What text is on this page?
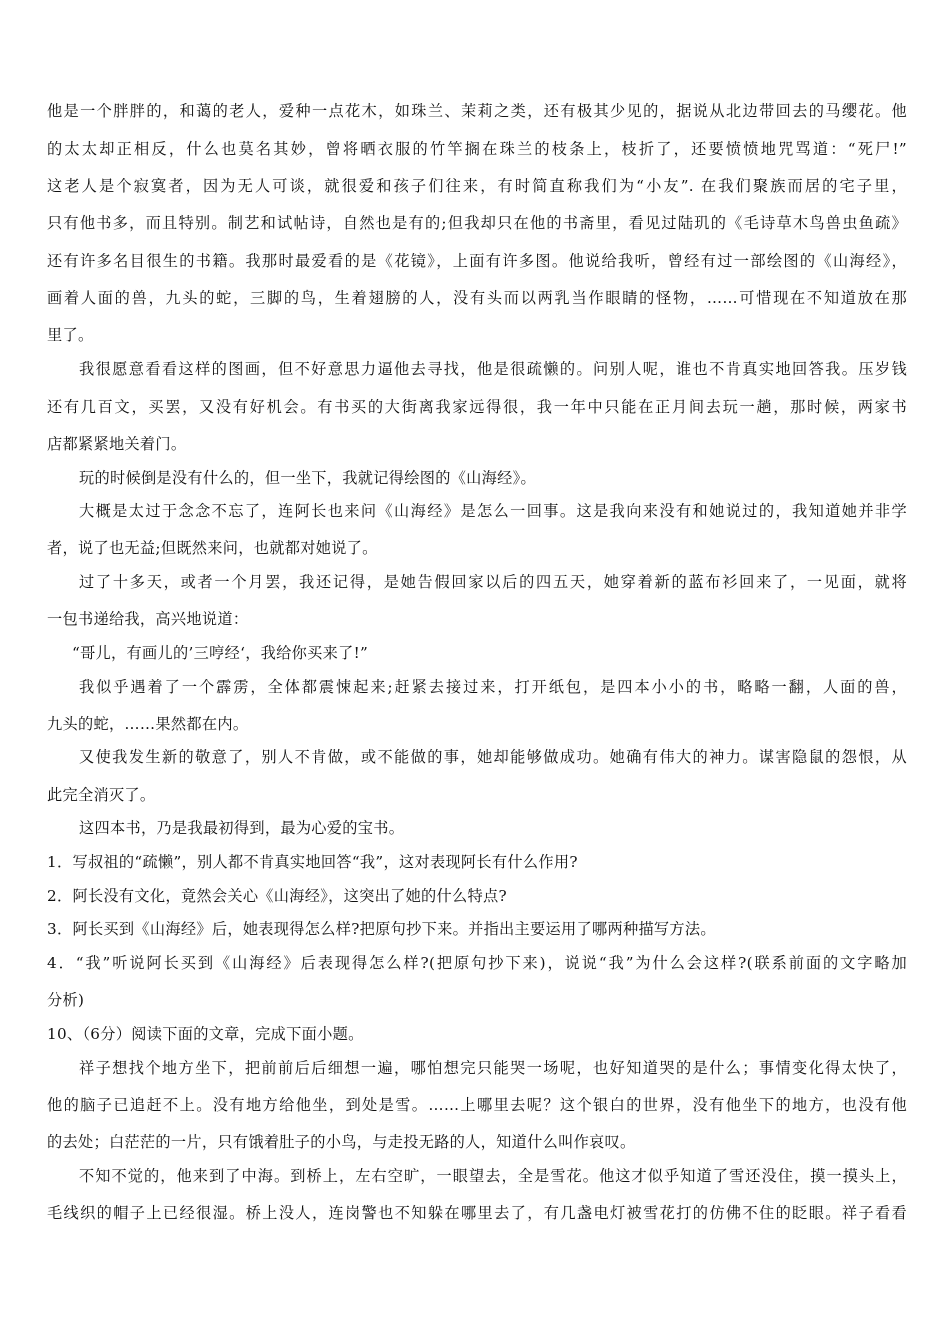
他是一个胖胖的，和蔼的老人，爱种一点花木，如珠兰、茉莉之类，还有极其少见的，据说从北边带回去的马缨花。他
的太太却正相反，什么也莫名其妙，曾将晒衣服的竹竿搁在珠兰的枝条上，枝折了，还要愤愤地咒骂道：“死尸!”
这老人是个寂寞者，因为无人可谈，就很爱和孩子们往来，有时简直称我们为“小友”. 在我们聚族而居的宅子里，
只有他书多，而且特别。制艺和试帖诗，自然也是有的;但我却只在他的书斋里，看见过陆玑的《毛诗草木鸟兽虫鱼疏》
还有许多名目很生的书籍。我那时最爱看的是《花镜》，上面有许多图。他说给我听，曾经有过一部绘图的《山海经》，
画着人面的兽，九头的蛇，三脚的鸟，生着翅膀的人，没有头而以两乳当作眼睛的怪物，……可惜现在不知道放在那
里了。
我很愿意看看这样的图画，但不好意思力逼他去寻找，他是很疏懒的。问别人呢，谁也不肯真实地回答我。压岁钱
还有几百文，买罢，又没有好机会。有书买的大街离我家远得很，我一年中只能在正月间去玩一趟，那时候，两家书
店都紧紧地关着门。
玩的时候倒是没有什么的，但一坐下，我就记得绘图的《山海经》。
大概是太过于念念不忘了，连阿长也来问《山海经》是怎么一回事。这是我向来没有和她说过的，我知道她并非学
者，说了也无益;但既然来问，也就都对她说了。
过了十多天，或者一个月罢，我还记得，是她告假回家以后的四五天，她穿着新的蓝布衫回来了，一见面，就将
一包书递给我，高兴地说道：
“哥儿，有画儿的’三哼经‘，我给你买来了!”
我似乎遇着了一个霹雳，全体都震悚起来;赶紧去接过来，打开纸包，是四本小小的书，略略一翻，人面的兽，
九头的蛇，……果然都在内。
又使我发生新的敬意了，别人不肯做，或不能做的事，她却能够做成功。她确有伟大的神力。谋害隐鼠的怨恨，从
此完全消灭了。
这四本书，乃是我最初得到，最为心爱的宝书。
1．写叔祖的“疏懒”，别人都不肯真实地回答“我”，这对表现阿长有什么作用?
2．阿长没有文化，竟然会关心《山海经》，这突出了她的什么特点?
3．阿长买到《山海经》后，她表现得怎么样?把原句抄下来。并指出主要运用了哪两种描写方法。
4．“我”听说阿长买到《山海经》后表现得怎么样?(把原句抄下来)，说说“我”为什么会这样?(联系前面的文字略加
分析)
10、（6分）阅读下面的文章，完成下面小题。
祥子想找个地方坐下，把前前后后细想一遍，哪怕想完只能哭一场呢，也好知道哭的是什么；事情变化得太快了，
他的脑子已追赶不上。没有地方给他坐，到处是雪。……上哪里去呢？这个银白的世界，没有他坐下的地方，也没有他
的去处；白茫茫的一片，只有饿着肚子的小鸟，与走投无路的人，知道什么叫作哀叹。
不知不觉的，他来到了中海。到桥上，左右空旷，一眼望去，全是雪花。他这才似乎知道了雪还没住，摸一摸头上，
毛线织的帽子上已经很湿。桥上没人，连岗警也不知躲在哪里去了，有几盏电灯被雪花打的仿佛不住的眨眼。祥子看看
